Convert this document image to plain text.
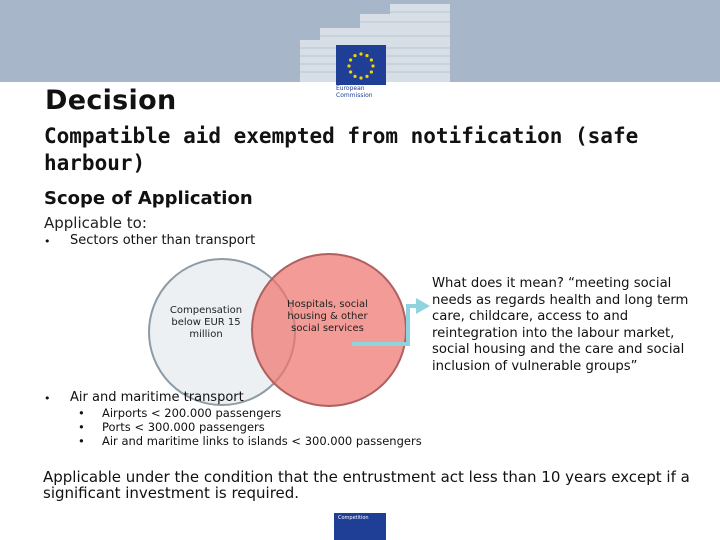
European
Commission
Decision
Compatible aid exempted from notification (safe harbour)
Scope of Application
Applicable to:
• Sectors other than transport
Compensation below EUR 15 million
Hospitals, social housing & other social services
What does it mean? “meeting social needs as regards health and long term care, childcare, access to and reintegration into the labour market, social housing and the care and social inclusion of vulnerable groups”
• Air and maritime transport
• Airports < 200.000 passengers
• Ports < 300.000 passengers
• Air and maritime links to islands < 300.000 passengers
Applicable under the condition that the entrustment act less than 10 years except if a significant investment is required.
Competition
